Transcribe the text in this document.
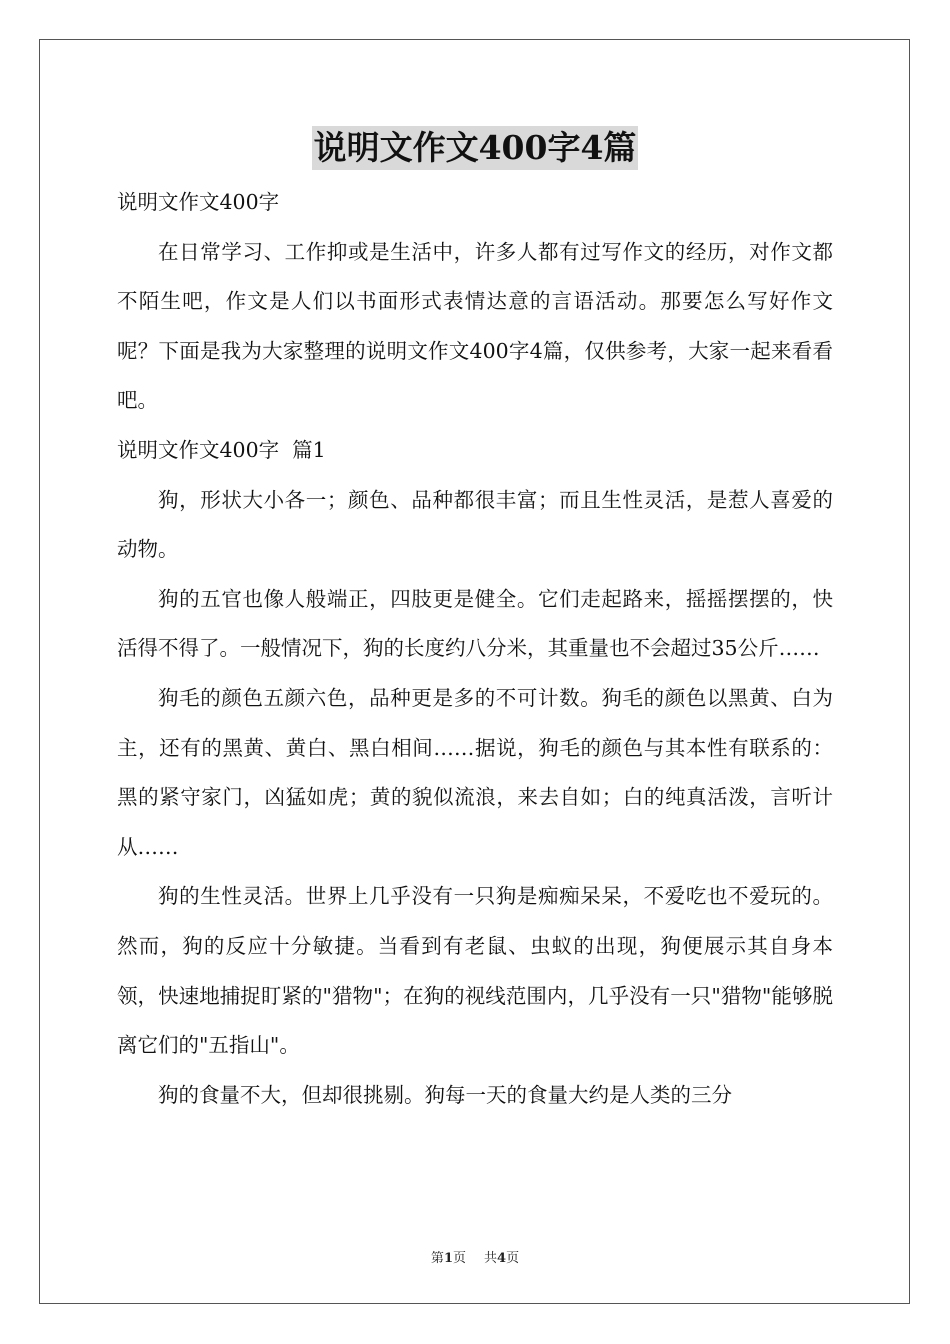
说明文作文400字4篇

说明文作文400字

在日常学习、工作抑或是生活中，许多人都有过写作文的经历，对作文都不陌生吧，作文是人们以书面形式表情达意的言语活动。那要怎么写好作文呢？下面是我为大家整理的说明文作文400字4篇，仅供参考，大家一起来看看吧。

说明文作文400字  篇1

狗，形状大小各一；颜色、品种都很丰富；而且生性灵活，是惹人喜爱的动物。

狗的五官也像人般端正，四肢更是健全。它们走起路来，摇摇摆摆的，快活得不得了。一般情况下，狗的长度约八分米，其重量也不会超过35公斤……

狗毛的颜色五颜六色，品种更是多的不可计数。狗毛的颜色以黑黄、白为主，还有的黑黄、黄白、黑白相间……据说，狗毛的颜色与其本性有联系的：黑的紧守家门，凶猛如虎；黄的貌似流浪，来去自如；白的纯真活泼，言听计从……

狗的生性灵活。世界上几乎没有一只狗是痴痴呆呆，不爱吃也不爱玩的。然而，狗的反应十分敏捷。当看到有老鼠、虫蚁的出现，狗便展示其自身本领，快速地捕捉盯紧的"猎物"；在狗的视线范围内，几乎没有一只"猎物"能够脱离它们的"五指山"。

狗的食量不大，但却很挑剔。狗每一天的食量大约是人类的三分

第1页 共4页
